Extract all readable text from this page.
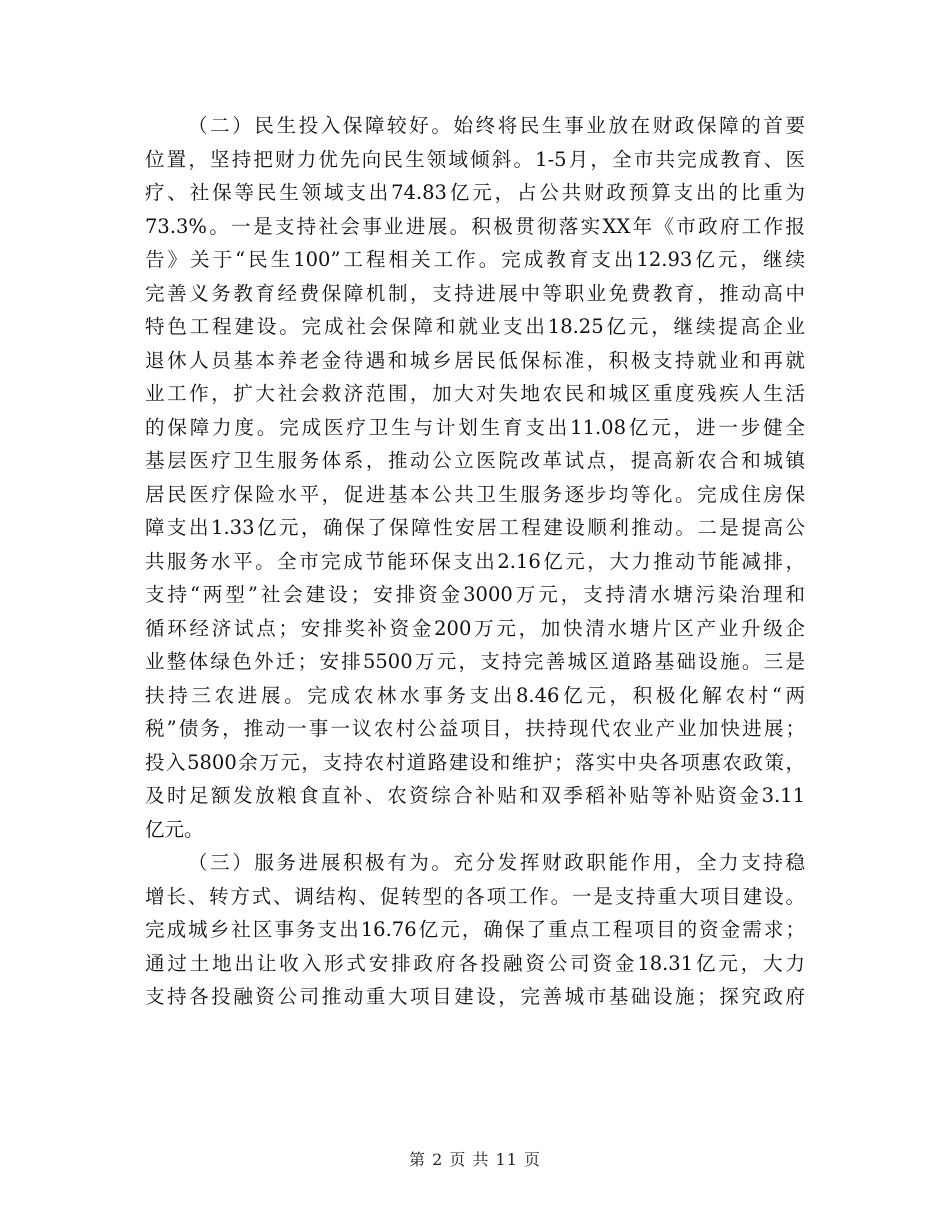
（二）民生投入保障较好。始终将民生事业放在财政保障的首要
位置，坚持把财力优先向民生领域倾斜。1-5月，全市共完成教育、医
疗、社保等民生领域支出74.83亿元，占公共财政预算支出的比重为
73.3%。一是支持社会事业进展。积极贯彻落实XX年《市政府工作报
告》关于“民生100”工程相关工作。完成教育支出12.93亿元，继续
完善义务教育经费保障机制，支持进展中等职业免费教育，推动高中
特色工程建设。完成社会保障和就业支出18.25亿元，继续提高企业
退休人员基本养老金待遇和城乡居民低保标准，积极支持就业和再就
业工作，扩大社会救济范围，加大对失地农民和城区重度残疾人生活
的保障力度。完成医疗卫生与计划生育支出11.08亿元，进一步健全
基层医疗卫生服务体系，推动公立医院改革试点，提高新农合和城镇
居民医疗保险水平，促进基本公共卫生服务逐步均等化。完成住房保
障支出1.33亿元，确保了保障性安居工程建设顺利推动。二是提高公
共服务水平。全市完成节能环保支出2.16亿元，大力推动节能减排，
支持“两型”社会建设；安排资金3000万元，支持清水塘污染治理和
循环经济试点；安排奖补资金200万元，加快清水塘片区产业升级企
业整体绿色外迁；安排5500万元，支持完善城区道路基础设施。三是
扶持三农进展。完成农林水事务支出8.46亿元，积极化解农村“两
税”债务，推动一事一议农村公益项目，扶持现代农业产业加快进展；
投入5800余万元，支持农村道路建设和维护；落实中央各项惠农政策，
及时足额发放粮食直补、农资综合补贴和双季稻补贴等补贴资金3.11
亿元。
（三）服务进展积极有为。充分发挥财政职能作用，全力支持稳
增长、转方式、调结构、促转型的各项工作。一是支持重大项目建设。
完成城乡社区事务支出16.76亿元，确保了重点工程项目的资金需求；
通过土地出让收入形式安排政府各投融资公司资金18.31亿元，大力
支持各投融资公司推动重大项目建设，完善城市基础设施；探究政府
第 2 页 共 11 页
